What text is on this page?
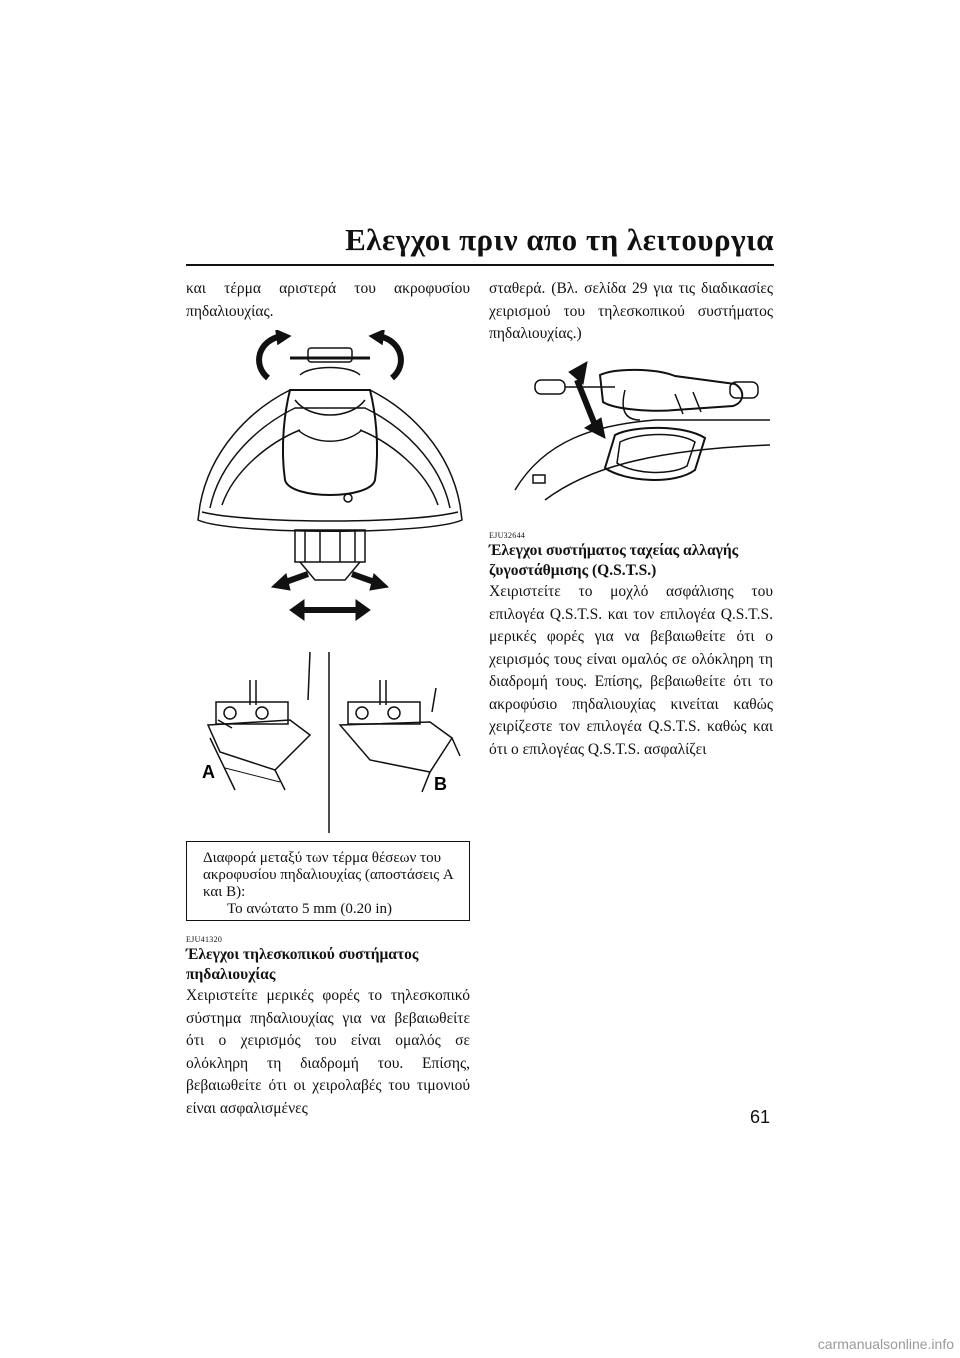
Ελεγχοι πριν απο τη λειτουργια

και τέρμα αριστερά του ακροφυσίου πηδαλιουχίας.

A
B
Διαφορά μεταξύ των τέρμα θέσεων του ακροφυσίου πηδαλιουχίας (αποστάσεις A και B):
Το ανώτατο 5 mm (0.20 in)
EJU41320
Έλεγχοι τηλεσκοπικού συστήματος πηδαλιουχίας

Χειριστείτε μερικές φορές το τηλεσκοπικό σύστημα πηδαλιουχίας για να βεβαιωθείτε ότι ο χειρισμός του είναι ομαλός σε ολόκληρη τη διαδρομή του. Επίσης, βεβαιωθείτε ότι οι χειρολαβές του τιμονιού είναι ασφαλισμένες

σταθερά. (Βλ. σελίδα 29 για τις διαδικασίες χειρισμού του τηλεσκοπικού συστήματος πηδαλιουχίας.)

EJU32644
Έλεγχοι συστήματος ταχείας αλλαγής ζυγοστάθμισης (Q.S.T.S.)

Χειριστείτε το μοχλό ασφάλισης του επιλογέα Q.S.T.S. και τον επιλογέα Q.S.T.S. μερικές φορές για να βεβαιωθείτε ότι ο χειρισμός τους είναι ομαλός σε ολόκληρη τη διαδρομή τους. Επίσης, βεβαιωθείτε ότι το ακροφύσιο πηδαλιουχίας κινείται καθώς χειρίζεστε τον επιλογέα Q.S.T.S. καθώς και ότι ο επιλογέας Q.S.T.S. ασφαλίζει

61
carmanualsonline.info
